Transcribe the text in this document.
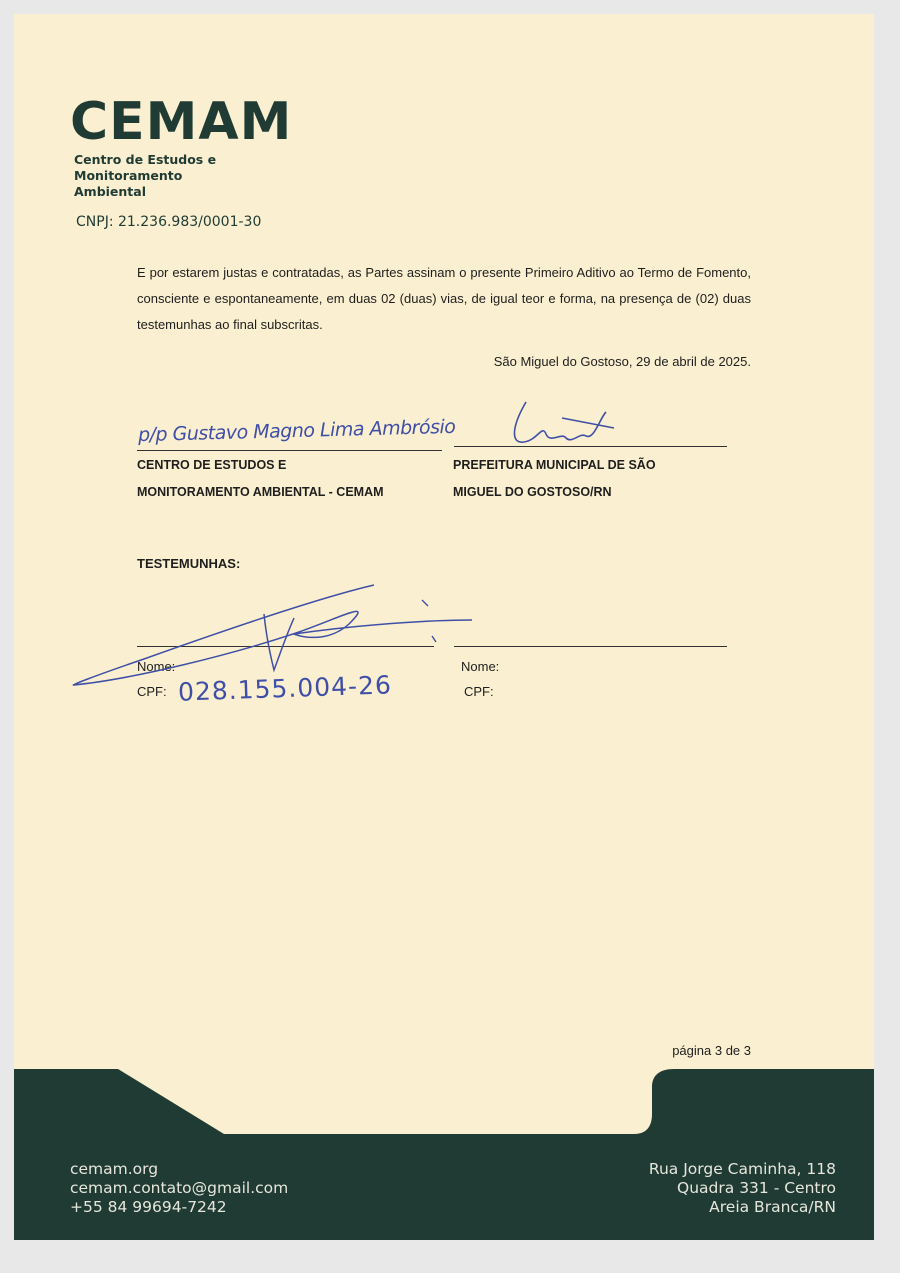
CEMAM
Centro de Estudos e
Monitoramento
Ambiental
CNPJ: 21.236.983/0001-30
E por estarem justas e contratadas, as Partes assinam o presente Primeiro Aditivo ao Termo de Fomento, consciente e espontaneamente, em duas 02 (duas) vias, de igual teor e forma, na presença de (02) duas testemunhas ao final subscritas.
São Miguel do Gostoso, 29 de abril de 2025.
p/p Gustavo Magno Lima Ambrósio
CENTRO DE ESTUDOS E
MONITORAMENTO AMBIENTAL - CEMAM
PREFEITURA MUNICIPAL DE SÃO
MIGUEL DO GOSTOSO/RN
TESTEMUNHAS:
Nome:
CPF: 028.155.004-26
Nome:
CPF:
página 3 de 3
cemam.org
cemam.contato@gmail.com
+55 84 99694-7242
Rua Jorge Caminha, 118
Quadra 331 - Centro
Areia Branca/RN
